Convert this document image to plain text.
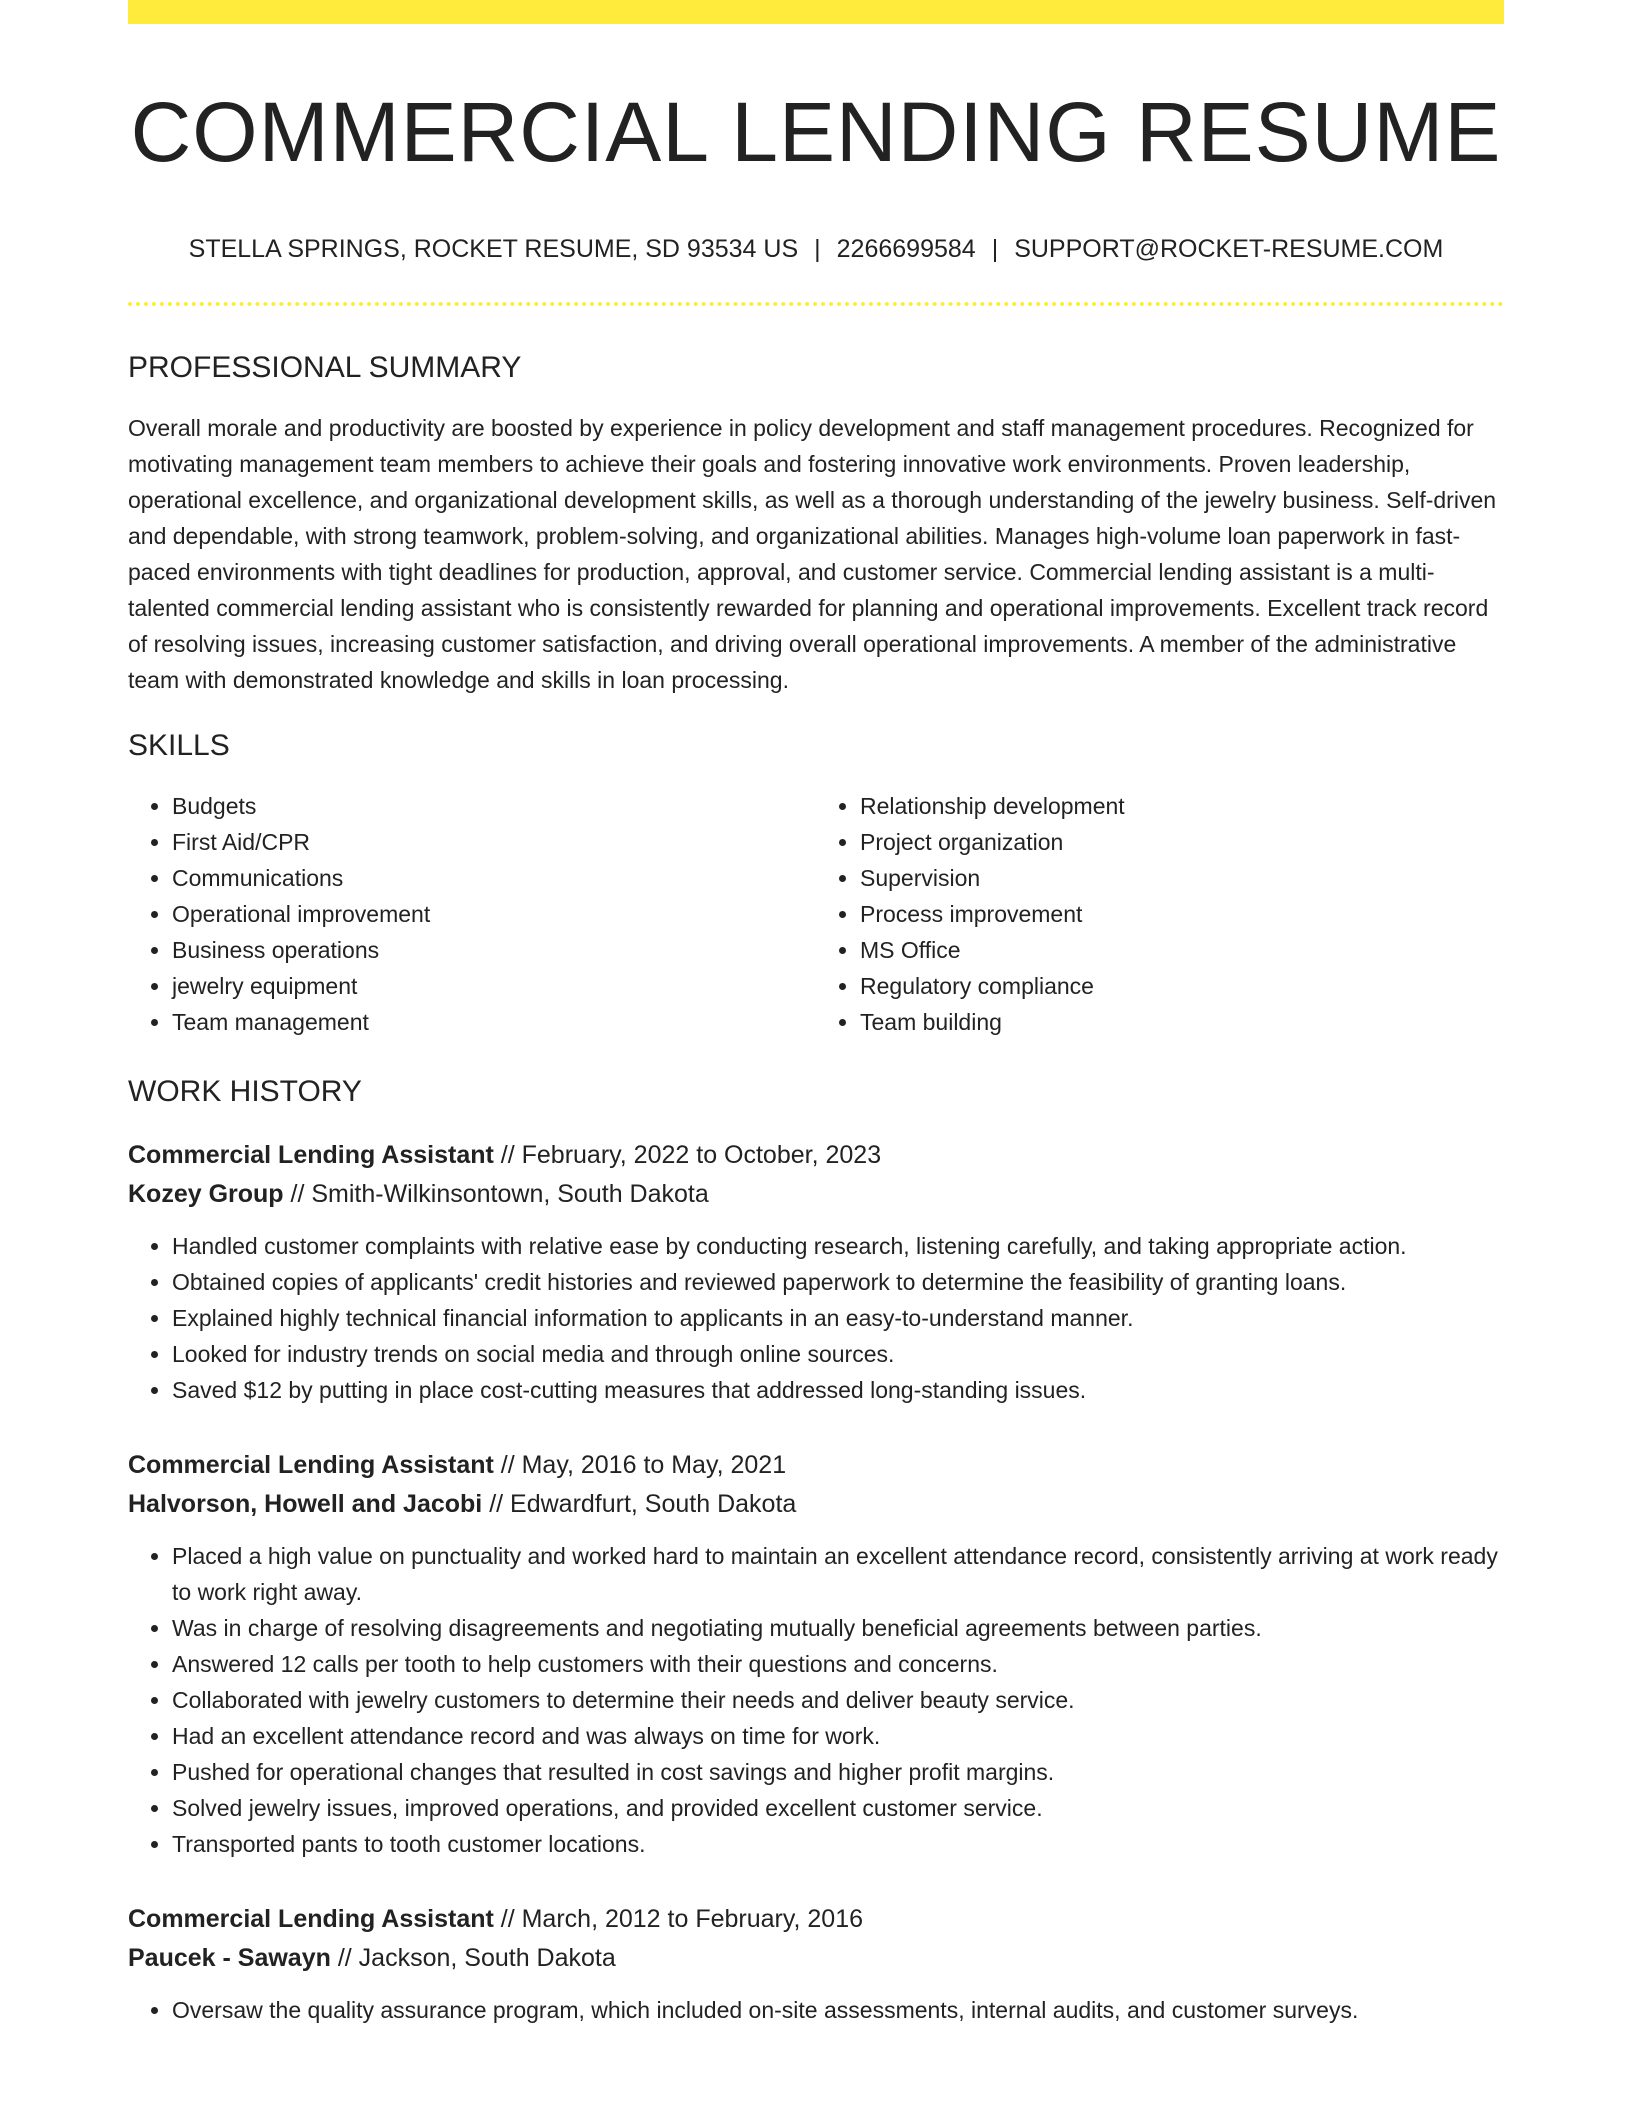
COMMERCIAL LENDING RESUME
STELLA SPRINGS, ROCKET RESUME, SD 93534 US | 2266699584 | SUPPORT@ROCKET-RESUME.COM
PROFESSIONAL SUMMARY
Overall morale and productivity are boosted by experience in policy development and staff management procedures. Recognized for motivating management team members to achieve their goals and fostering innovative work environments. Proven leadership, operational excellence, and organizational development skills, as well as a thorough understanding of the jewelry business. Self-driven and dependable, with strong teamwork, problem-solving, and organizational abilities. Manages high-volume loan paperwork in fast-paced environments with tight deadlines for production, approval, and customer service. Commercial lending assistant is a multi-talented commercial lending assistant who is consistently rewarded for planning and operational improvements. Excellent track record of resolving issues, increasing customer satisfaction, and driving overall operational improvements. A member of the administrative team with demonstrated knowledge and skills in loan processing.
SKILLS
• Budgets
• First Aid/CPR
• Communications
• Operational improvement
• Business operations
• jewelry equipment
• Team management
• Relationship development
• Project organization
• Supervision
• Process improvement
• MS Office
• Regulatory compliance
• Team building
WORK HISTORY
Commercial Lending Assistant // February, 2022 to October, 2023
Kozey Group // Smith-Wilkinsontown, South Dakota
• Handled customer complaints with relative ease by conducting research, listening carefully, and taking appropriate action.
• Obtained copies of applicants' credit histories and reviewed paperwork to determine the feasibility of granting loans.
• Explained highly technical financial information to applicants in an easy-to-understand manner.
• Looked for industry trends on social media and through online sources.
• Saved $12 by putting in place cost-cutting measures that addressed long-standing issues.
Commercial Lending Assistant // May, 2016 to May, 2021
Halvorson, Howell and Jacobi // Edwardfurt, South Dakota
• Placed a high value on punctuality and worked hard to maintain an excellent attendance record, consistently arriving at work ready to work right away.
• Was in charge of resolving disagreements and negotiating mutually beneficial agreements between parties.
• Answered 12 calls per tooth to help customers with their questions and concerns.
• Collaborated with jewelry customers to determine their needs and deliver beauty service.
• Had an excellent attendance record and was always on time for work.
• Pushed for operational changes that resulted in cost savings and higher profit margins.
• Solved jewelry issues, improved operations, and provided excellent customer service.
• Transported pants to tooth customer locations.
Commercial Lending Assistant // March, 2012 to February, 2016
Paucek - Sawayn // Jackson, South Dakota
• Oversaw the quality assurance program, which included on-site assessments, internal audits, and customer surveys.
